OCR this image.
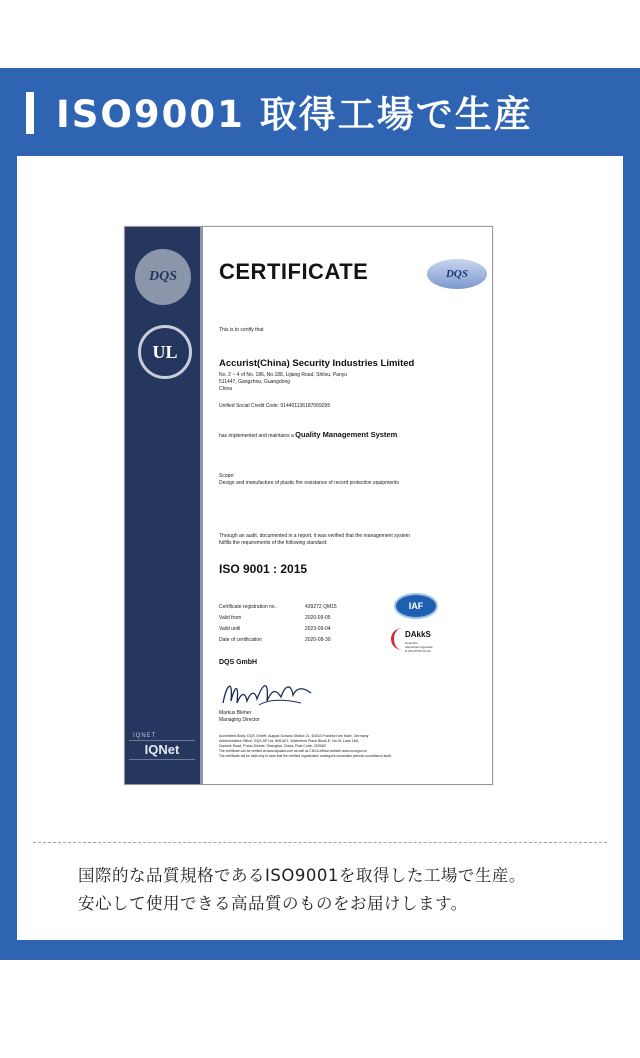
ISO9001 取得工場で生産
DQS
UL
IQNET
IQNet
CERTIFICATE	DQS
This is to certify that
Accurist(China) Security Industries Limited
No. 2 ~ 4 of No. 186, No.188, Lijiang Road, Shilou, Panyu
511447, Gangzhou, Guangdong
China
Unified Social Credit Code: 91440113618706929​5
has implemented and maintains a Quality Management System.
Scope:
Design and manufacture of plastic fire resistance of record protection equipments
Through an audit, documented in a report, it was verified that the management system
fulfills the requirements of the following standard:
ISO 9001 : 2015
Certificate registration no.	439272 QM15
Valid from	2020-09-05
Valid until	2023-09-04
Date of certification	2020-08-30
IAF
DAkkS
Deutsche
Akkreditierungsstelle
D-ZM-16079-01-00
DQS GmbH
Markus Bleher
Managing Director
Accredited Body: DQS GmbH, August-Schanz-Straße 21, 60433 Frankfurt am Main, Germany
Administrative Office: DQS AP Ltd. 806-807, Waterfront Place Block E, No.31 Lane 168,
Daduhe Road, Putuo District, Shanghai, China, Post Code: 200062
The certificate can be verified at www.dqsasia.com as well as CNCA official website www.cnca.gov.cn
The certificate will be valid only in case that the certified organization undergoes successful periodic surveillance audit.
国際的な品質規格であるISO9001を取得した工場で生産。
安心して使用できる高品質のものをお届けします。
